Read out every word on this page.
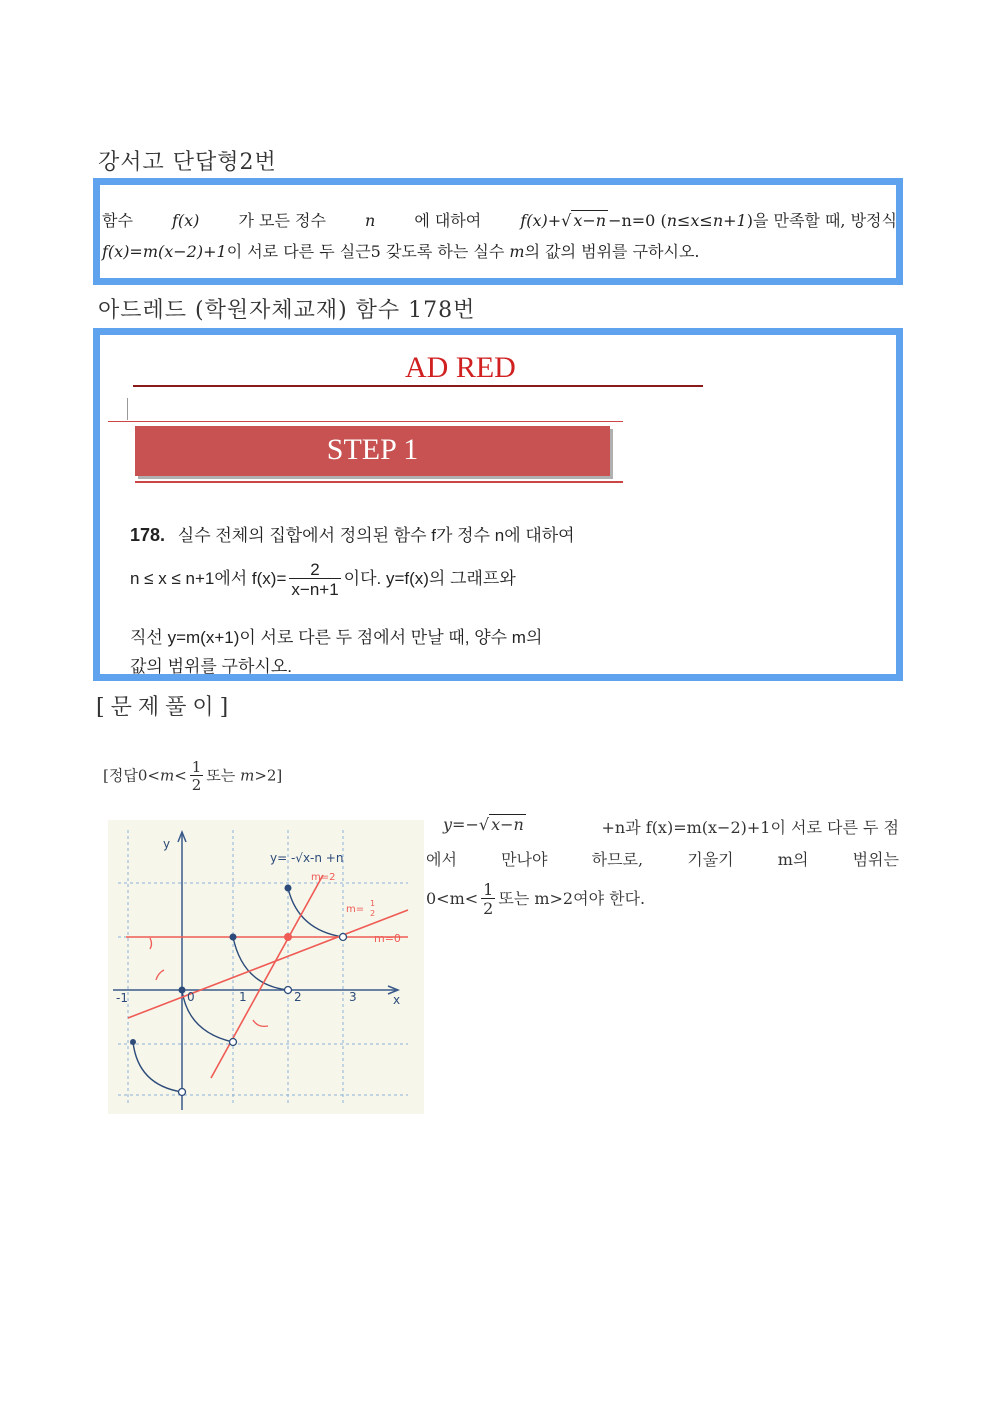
강서고 단답형2번
함수 f(x) 가 모든 정수 n 에 대하여 f(x)+√ x−n −n=0 (n≤x≤n+1)을 만족할 때, 방정식
f(x)=m(x−2)+1이 서로 다른 두 실근5 갖도록 하는 실수 m의 값의 범위를 구하시오.
아드레드 (학원자체교재) 함수 178번
AD RED
STEP 1
178. 실수 전체의 집합에서 정의된 함수 f가 정수 n에 대하여
n ≤ x ≤ n+1에서 $f(x)= \frac{2}{x-n+1}$ 이다. y=f(x)의 그래프와
직선 y=m(x+1)이 서로 다른 두 점에서 만날 때, 양수 m의
값의 범위를 구하시오.
[문제풀이]
[정답$0<m< \frac{1}{2}$ 또는 m>2]
y
x
-1	0	1	2	3
y= -√x-n +n
m=2
m=
1
2
m=0
y=−√ x−n	+n과 f(x)=m(x−2)+1이 서로 다른 두 점
에서	만나야	하므로,	기울기	m의	범위는
$0<m< \frac{1}{2}$ 또는 m>2여야 한다.
